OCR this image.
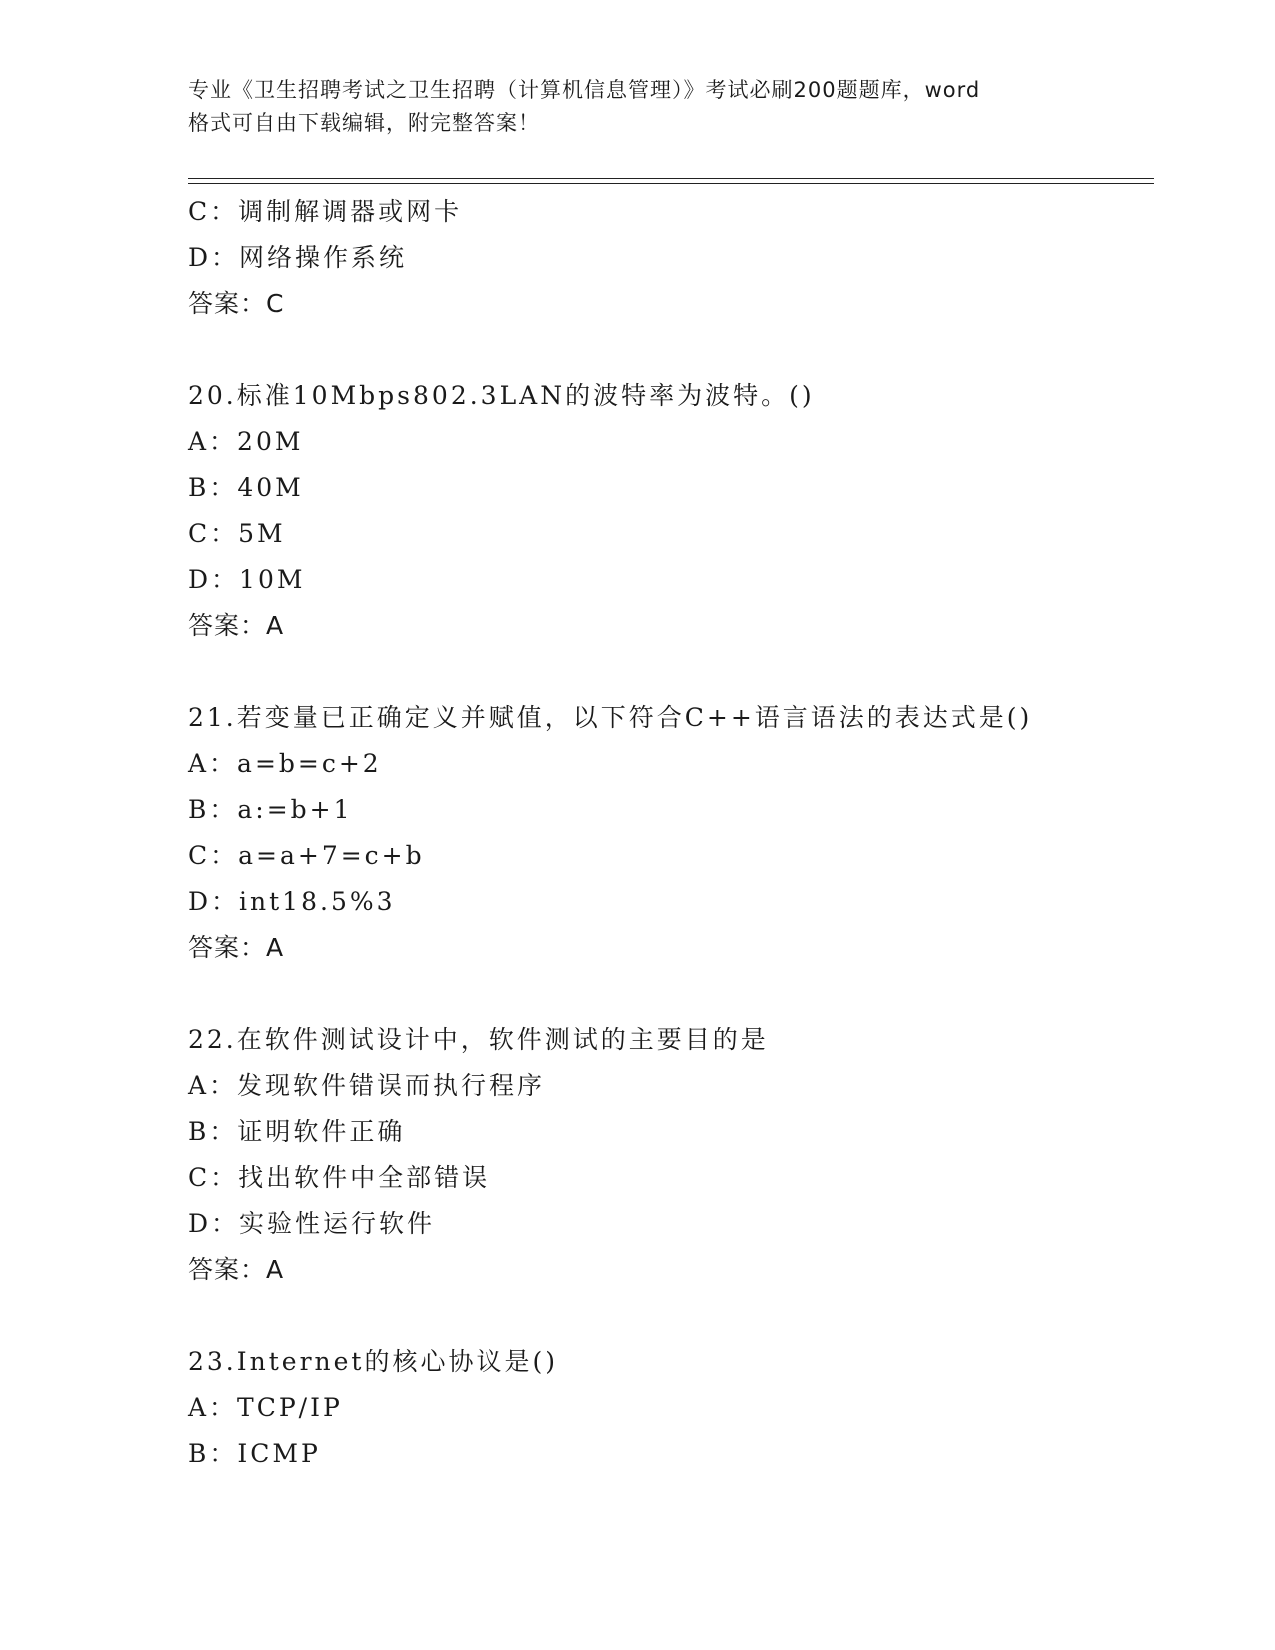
专业《卫生招聘考试之卫生招聘（计算机信息管理）》考试必刷200题题库，word
格式可自由下载编辑，附完整答案！
C：调制解调器或网卡
D：网络操作系统
答案：C
20.标准10Mbps802.3LAN的波特率为波特。()
A：20M
B：40M
C：5M
D：10M
答案：A
21.若变量已正确定义并赋值，以下符合C++语言语法的表达式是()
A：a=b=c+2
B：a:=b+1
C：a=a+7=c+b
D：int18.5%3
答案：A
22.在软件测试设计中，软件测试的主要目的是
A：发现软件错误而执行程序
B：证明软件正确
C：找出软件中全部错误
D：实验性运行软件
答案：A
23.Internet的核心协议是()
A：TCP/IP
B：ICMP
